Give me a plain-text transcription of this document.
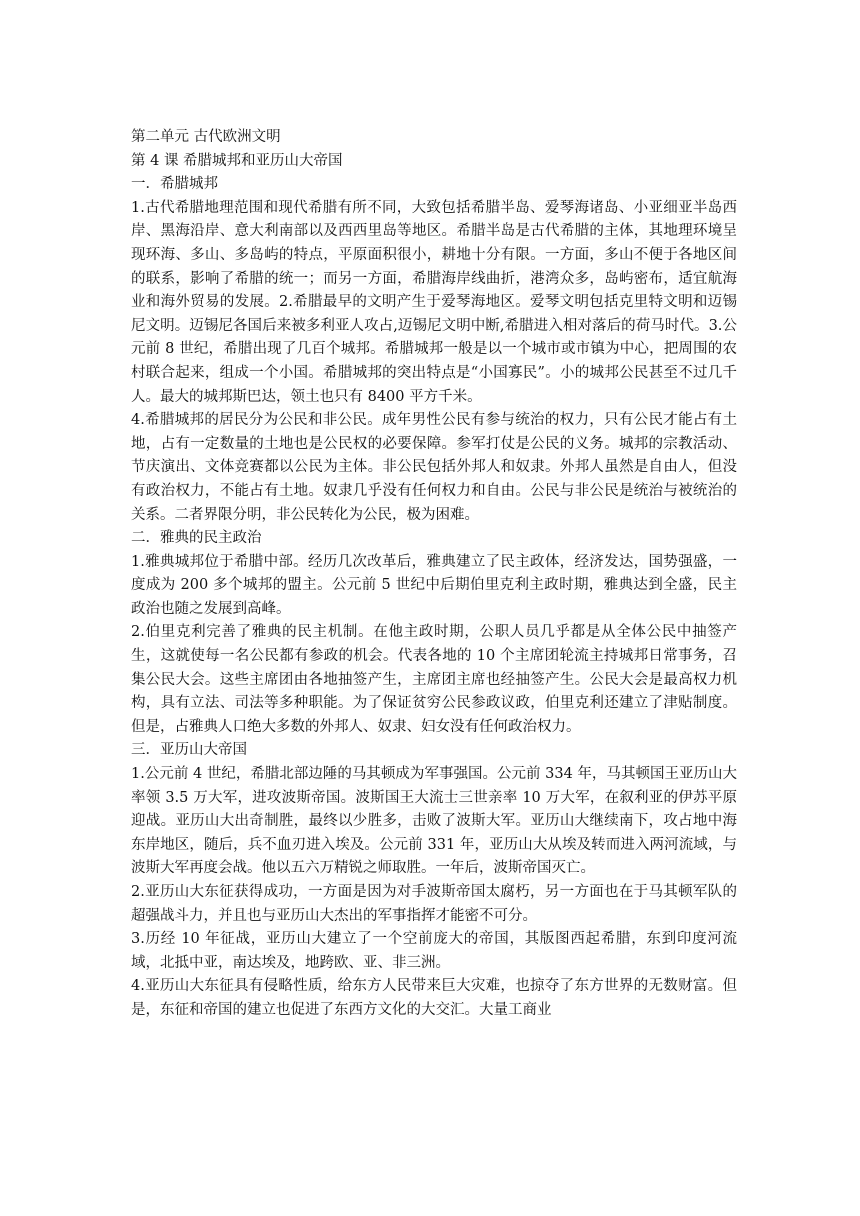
第二单元 古代欧洲文明

第 4 课 希腊城邦和亚历山大帝国

一．希腊城邦

1.古代希腊地理范围和现代希腊有所不同，大致包括希腊半岛、爱琴海诸岛、小亚细亚半岛西岸、黑海沿岸、意大利南部以及西西里岛等地区。希腊半岛是古代希腊的主体，其地理环境呈现环海、多山、多岛屿的特点，平原面积很小，耕地十分有限。一方面，多山不便于各地区间的联系，影响了希腊的统一；而另一方面，希腊海岸线曲折，港湾众多，岛屿密布，适宜航海业和海外贸易的发展。2.希腊最早的文明产生于爱琴海地区。爱琴文明包括克里特文明和迈锡尼文明。迈锡尼各国后来被多利亚人攻占,迈锡尼文明中断,希腊进入相对落后的荷马时代。3.公元前 8 世纪，希腊出现了几百个城邦。希腊城邦一般是以一个城市或市镇为中心，把周围的农村联合起来，组成一个小国。希腊城邦的突出特点是“小国寡民”。小的城邦公民甚至不过几千人。最大的城邦斯巴达，领土也只有 8400 平方千米。

4.希腊城邦的居民分为公民和非公民。成年男性公民有参与统治的权力，只有公民才能占有土地，占有一定数量的土地也是公民权的必要保障。参军打仗是公民的义务。城邦的宗教活动、节庆演出、文体竞赛都以公民为主体。非公民包括外邦人和奴隶。外邦人虽然是自由人，但没有政治权力，不能占有土地。奴隶几乎没有任何权力和自由。公民与非公民是统治与被统治的关系。二者界限分明，非公民转化为公民，极为困难。

二．雅典的民主政治

1.雅典城邦位于希腊中部。经历几次改革后，雅典建立了民主政体，经济发达，国势强盛，一度成为 200 多个城邦的盟主。公元前 5 世纪中后期伯里克利主政时期，雅典达到全盛，民主政治也随之发展到高峰。

2.伯里克利完善了雅典的民主机制。在他主政时期，公职人员几乎都是从全体公民中抽签产生，这就使每一名公民都有参政的机会。代表各地的 10 个主席团轮流主持城邦日常事务，召集公民大会。这些主席团由各地抽签产生，主席团主席也经抽签产生。公民大会是最高权力机构，具有立法、司法等多种职能。为了保证贫穷公民参政议政，伯里克利还建立了津贴制度。但是，占雅典人口绝大多数的外邦人、奴隶、妇女没有任何政治权力。

三．亚历山大帝国

1.公元前 4 世纪，希腊北部边陲的马其顿成为军事强国。公元前 334 年，马其顿国王亚历山大率领 3.5 万大军，进攻波斯帝国。波斯国王大流士三世亲率 10 万大军，在叙利亚的伊苏平原迎战。亚历山大出奇制胜，最终以少胜多，击败了波斯大军。亚历山大继续南下，攻占地中海东岸地区，随后，兵不血刃进入埃及。公元前 331 年，亚历山大从埃及转而进入两河流域，与波斯大军再度会战。他以五六万精锐之师取胜。一年后，波斯帝国灭亡。

2.亚历山大东征获得成功，一方面是因为对手波斯帝国太腐朽，另一方面也在于马其顿军队的超强战斗力，并且也与亚历山大杰出的军事指挥才能密不可分。

3.历经 10 年征战，亚历山大建立了一个空前庞大的帝国，其版图西起希腊，东到印度河流域，北抵中亚，南达埃及，地跨欧、亚、非三洲。

4.亚历山大东征具有侵略性质，给东方人民带来巨大灾难，也掠夺了东方世界的无数财富。但是，东征和帝国的建立也促进了东西方文化的大交汇。大量工商业
